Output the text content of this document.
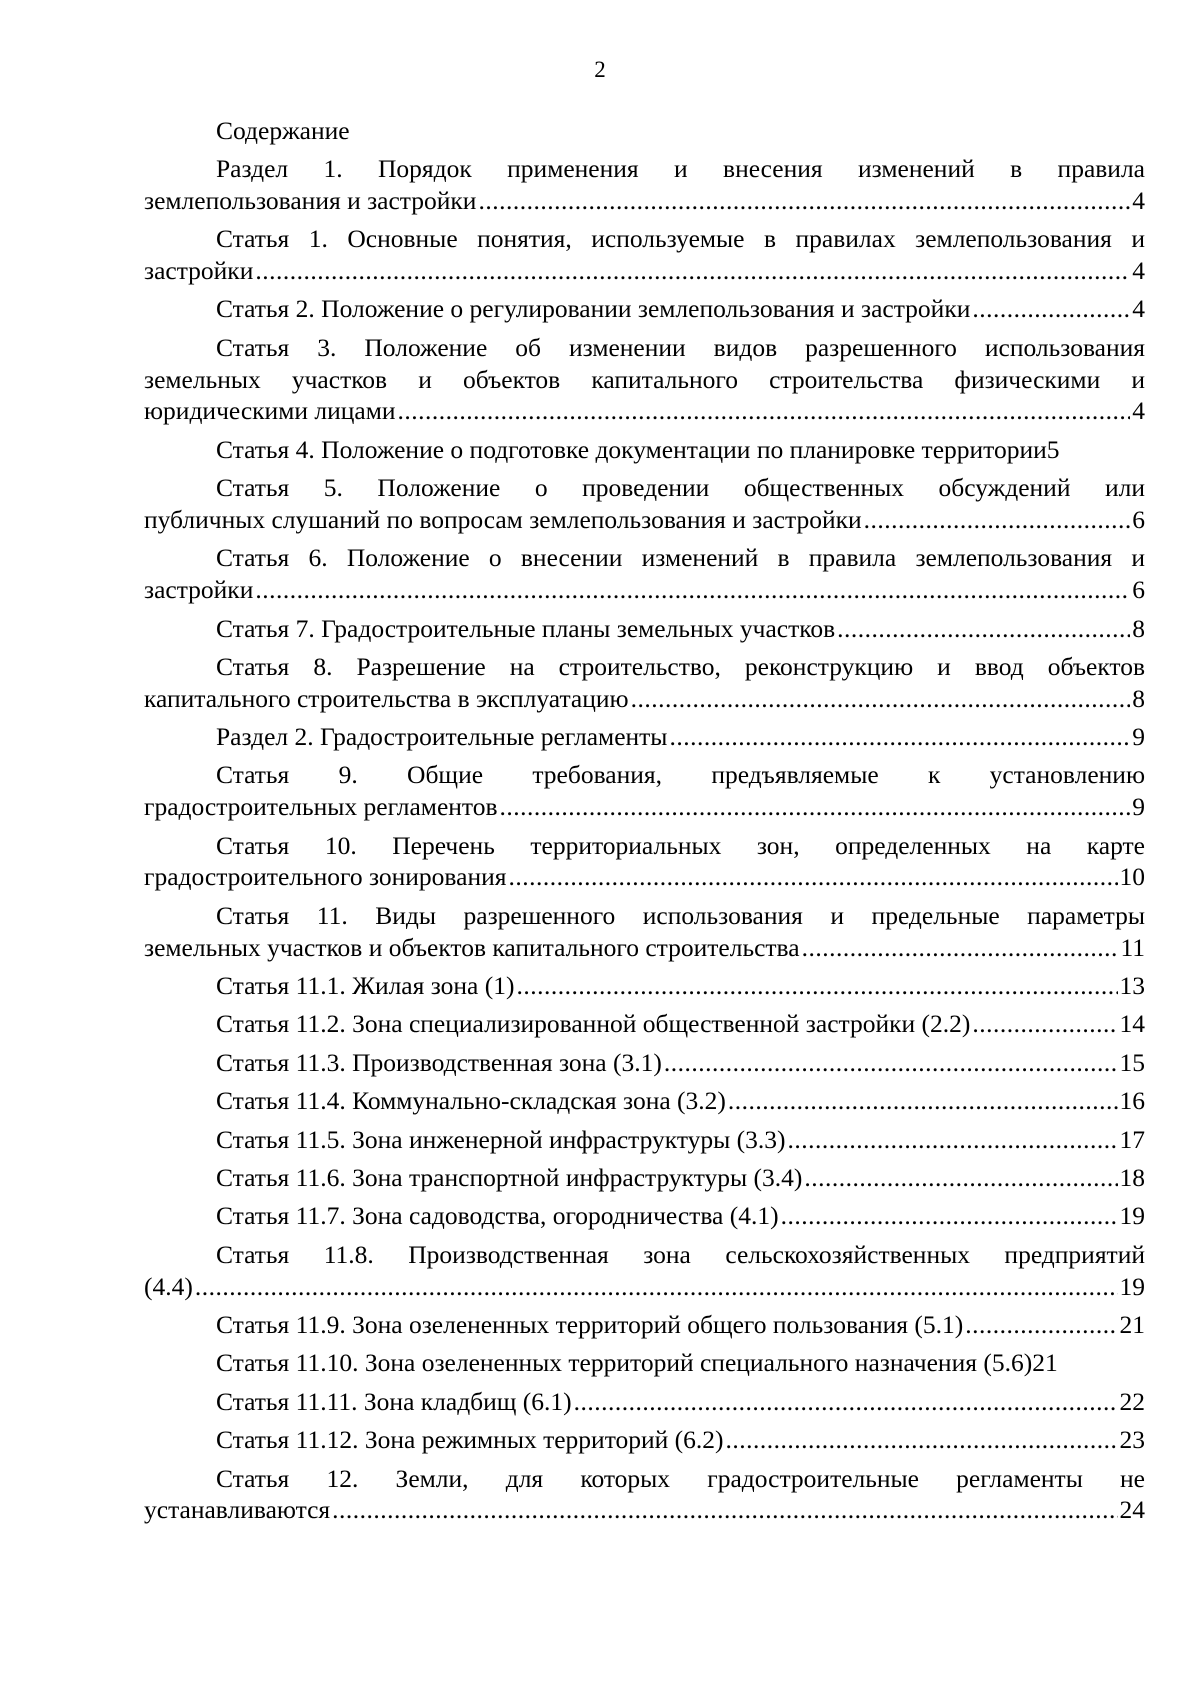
2
Содержание
Раздел 1. Порядок применения и внесения изменений в правила
землепользования и застройки .....	4
Статья 1. Основные понятия, используемые в правилах землепользования и
застройки .....	4
Статья 2. Положение о регулировании землепользования и застройки .....	4
Статья 3. Положение об изменении видов разрешенного использования
земельных участков и объектов капитального строительства физическими и
юридическими лицами .....	4
Статья 4. Положение о подготовке документации по планировке территории 5
Статья 5. Положение о проведении общественных обсуждений или
публичных слушаний по вопросам землепользования и застройки .....	6
Статья 6. Положение о внесении изменений в правила землепользования и
застройки .....	6
Статья 7. Градостроительные планы земельных участков .....	8
Статья 8. Разрешение на строительство, реконструкцию и ввод объектов
капитального строительства в эксплуатацию .....	8
Раздел 2. Градостроительные регламенты .....	9
Статья 9. Общие требования, предъявляемые к установлению
градостроительных регламентов .....	9
Статья 10. Перечень территориальных зон, определенных на карте
градостроительного зонирования .....	10
Статья 11. Виды разрешенного использования и предельные параметры
земельных участков и объектов капитального строительства .....	11
Статья 11.1. Жилая зона (1) .....	13
Статья 11.2. Зона специализированной общественной застройки (2.2) .....	14
Статья 11.3. Производственная зона (3.1) .....	15
Статья 11.4. Коммунально-складская зона (3.2) .....	16
Статья 11.5. Зона инженерной инфраструктуры (3.3) .....	17
Статья 11.6. Зона транспортной инфраструктуры (3.4) .....	18
Статья 11.7. Зона садоводства, огородничества (4.1) .....	19
Статья 11.8. Производственная зона сельскохозяйственных предприятий
(4.4) .....	19
Статья 11.9. Зона озелененных территорий общего пользования (5.1) .....	21
Статья 11.10. Зона озелененных территорий специального назначения (5.6) 21
Статья 11.11. Зона кладбищ (6.1) .....	22
Статья 11.12. Зона режимных территорий (6.2) .....	23
Статья 12. Земли, для которых градостроительные регламенты не
устанавливаются .....	24
